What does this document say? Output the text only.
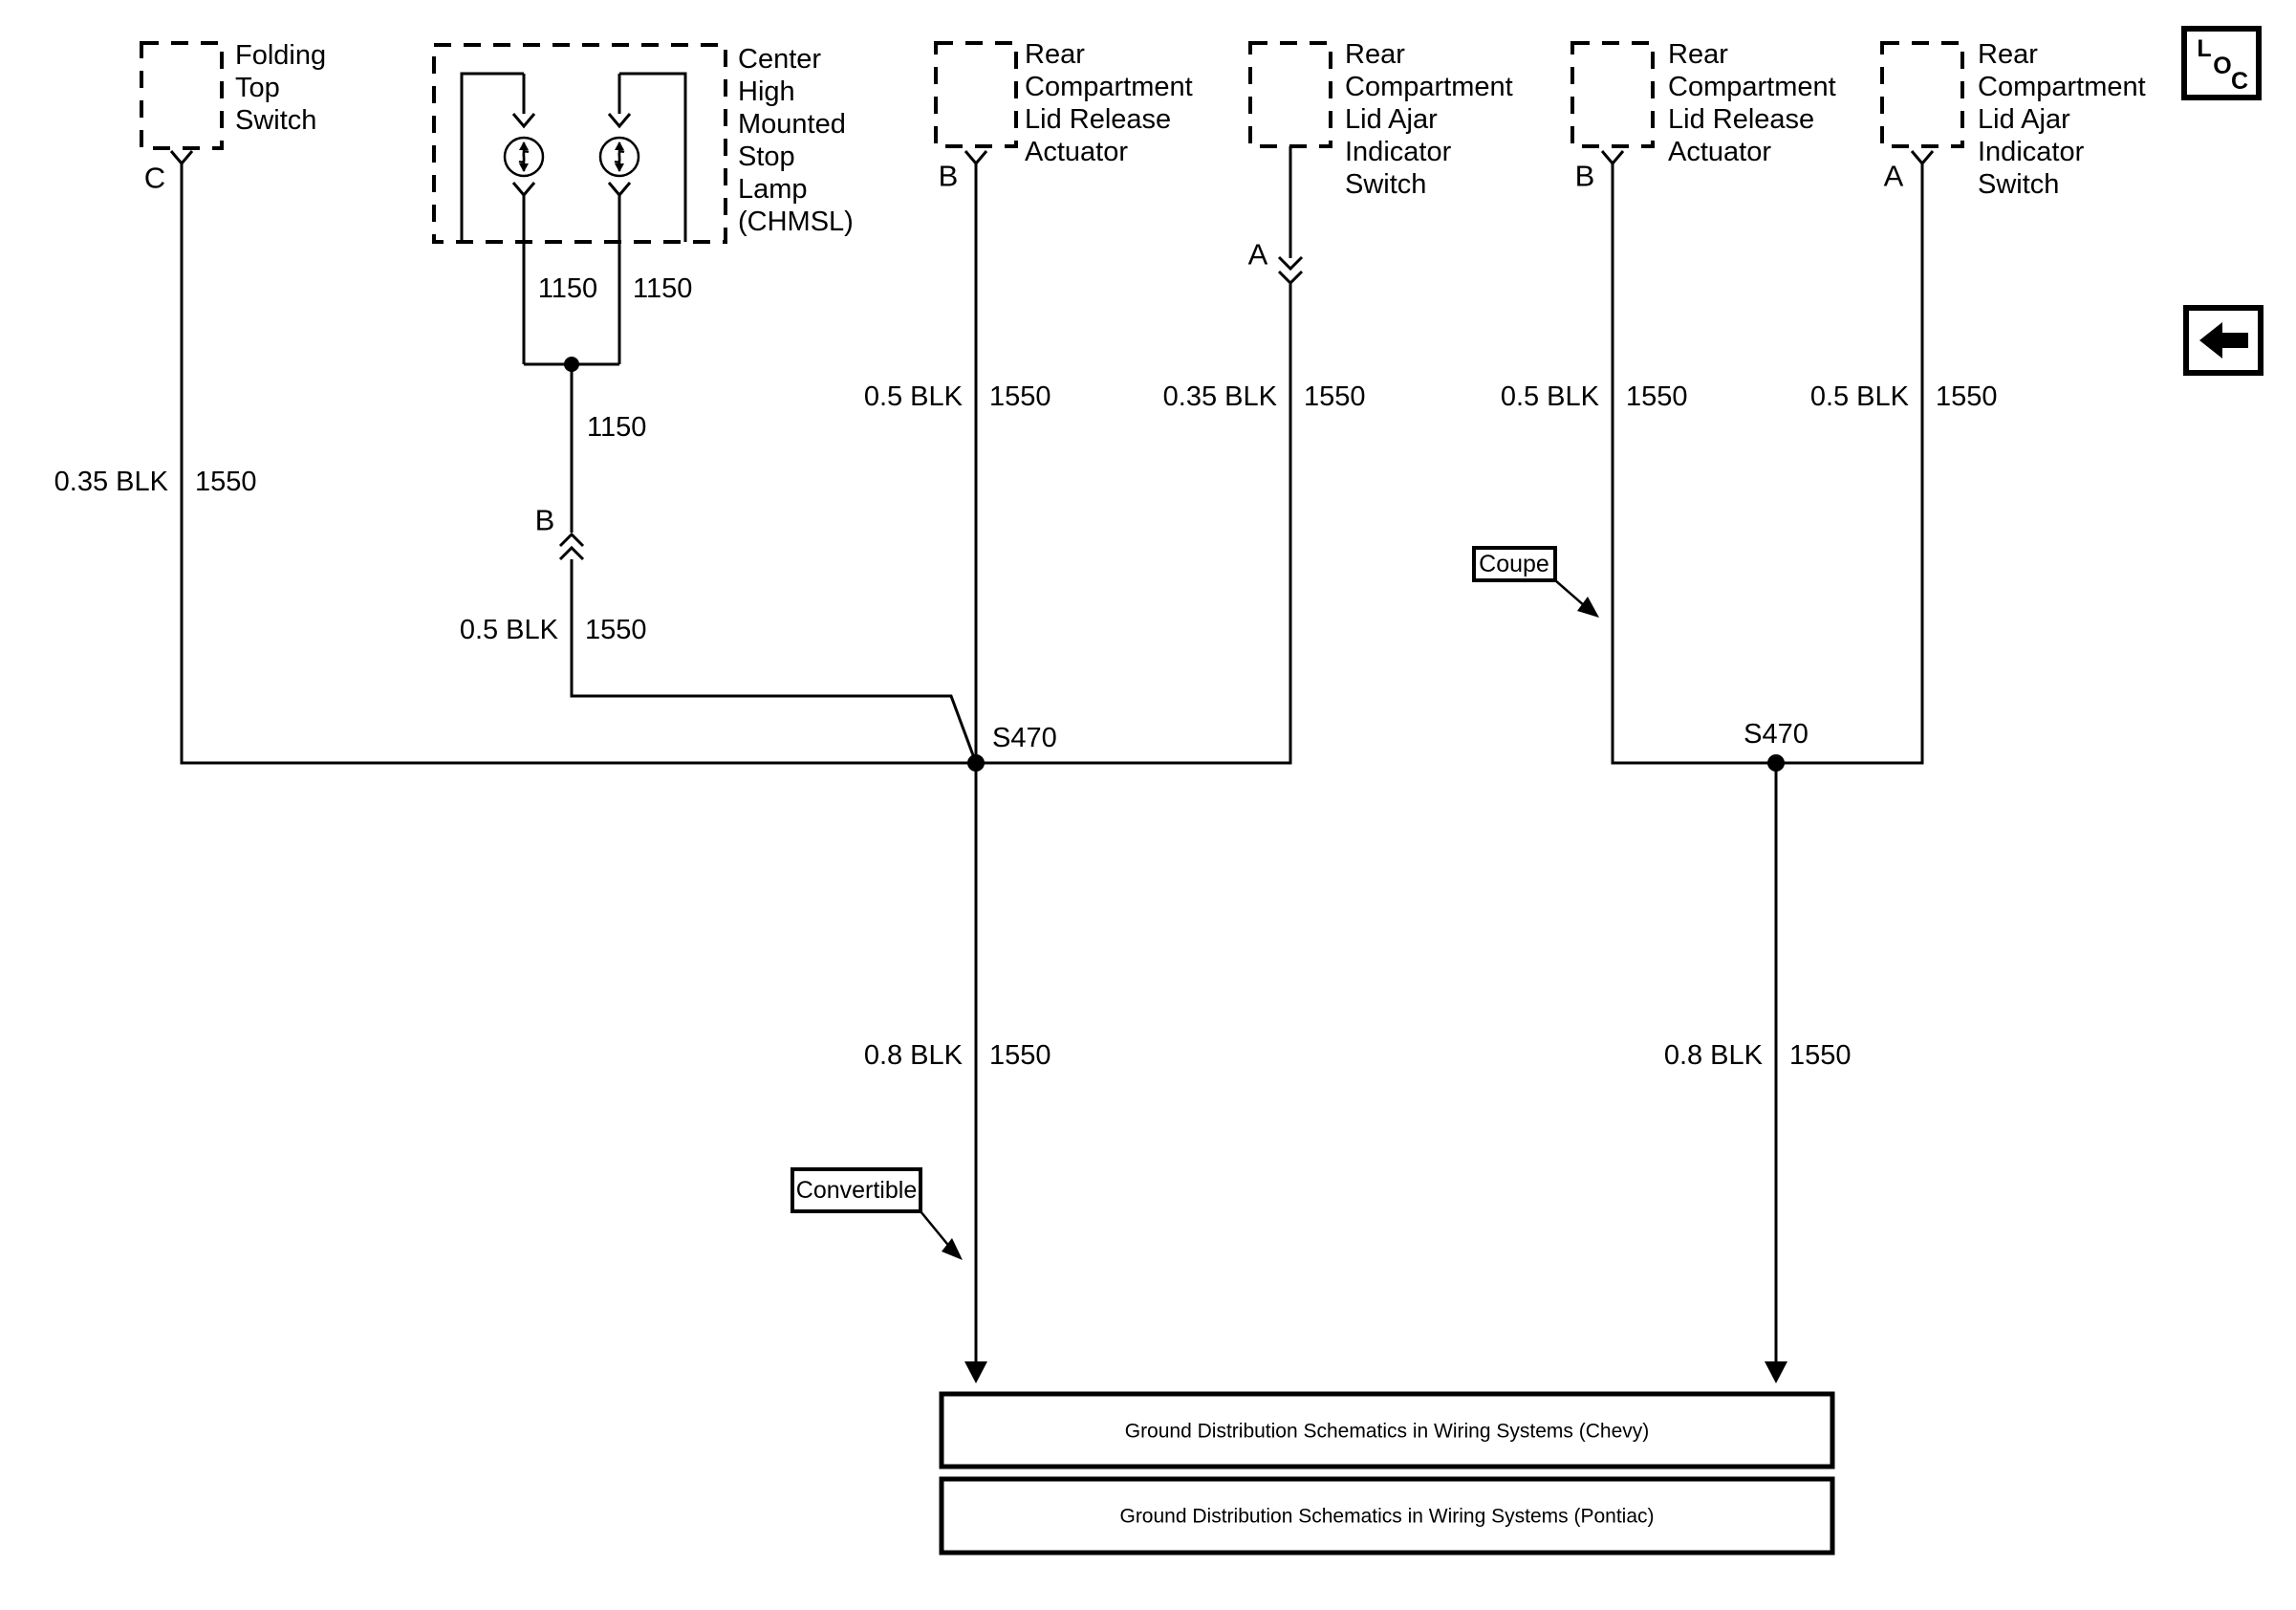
Folding
Top
Switch
Center
High
Mounted
Stop
Lamp
(CHMSL)
Rear
Compartment
Lid Release
Actuator
Rear
Compartment
Lid Ajar
Indicator
Switch
Rear
Compartment
Lid Release
Actuator
Rear
Compartment
Lid Ajar
Indicator
Switch
C	B
A
B	A
B
0.35 BLK 1550
1150 1150
1150
0.5 BLK 1550
0.5 BLK 1550	0.35 BLK 1550	0.5 BLK 1550	0.5 BLK 1550
0.8 BLK 1550	0.8 BLK 1550
S470	S470
Coupe
Convertible
Ground Distribution Schematics in Wiring Systems (Chevy)
Ground Distribution Schematics in Wiring Systems (Pontiac)
L
O
C
